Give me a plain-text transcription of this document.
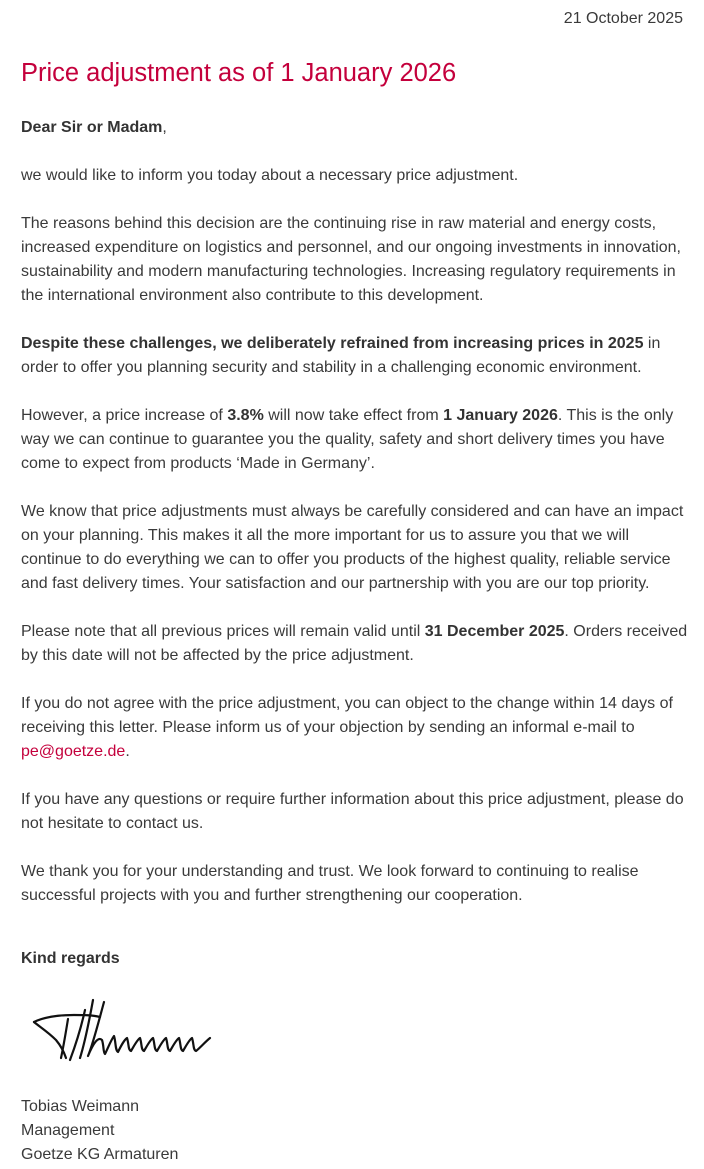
21 October 2025
Price adjustment as of 1 January 2026

Dear Sir or Madam,

we would like to inform you today about a necessary price adjustment.

The reasons behind this decision are the continuing rise in raw material and energy costs, increased expenditure on logistics and personnel, and our ongoing investments in innovation, sustainability and modern manufacturing technologies. Increasing regulatory requirements in the international environment also contribute to this development.

Despite these challenges, we deliberately refrained from increasing prices in 2025 in order to offer you planning security and stability in a challenging economic environment.

However, a price increase of 3.8% will now take effect from 1 January 2026. This is the only way we can continue to guarantee you the quality, safety and short delivery times you have come to expect from products ‘Made in Germany’.

We know that price adjustments must always be carefully considered and can have an impact on your planning. This makes it all the more important for us to assure you that we will continue to do everything we can to offer you products of the highest quality, reliable service and fast delivery times. Your satisfaction and our partnership with you are our top priority.

Please note that all previous prices will remain valid until 31 December 2025. Orders received by this date will not be affected by the price adjustment.

If you do not agree with the price adjustment, you can object to the change within 14 days of receiving this letter. Please inform us of your objection by sending an informal e-mail to pe@goetze.de.

If you have any questions or require further information about this price adjustment, please do not hesitate to contact us.

We thank you for your understanding and trust. We look forward to continuing to realise successful projects with you and further strengthening our cooperation.

Kind regards
Tobias Weimann
Management
Goetze KG Armaturen
